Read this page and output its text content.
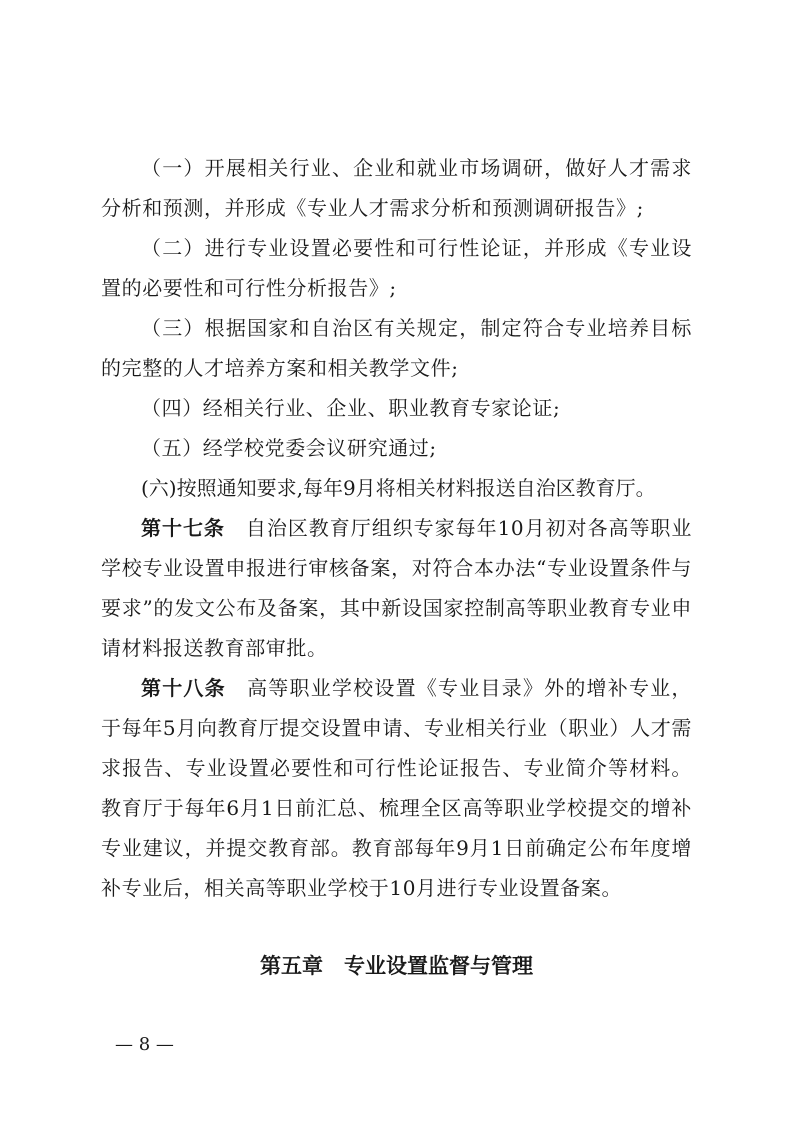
（一）开展相关行业、企业和就业市场调研，做好人才需求分析和预测，并形成《专业人才需求分析和预测调研报告》;

（二）进行专业设置必要性和可行性论证，并形成《专业设置的必要性和可行性分析报告》;

（三）根据国家和自治区有关规定，制定符合专业培养目标的完整的人才培养方案和相关教学文件;

（四）经相关行业、企业、职业教育专家论证;

（五）经学校党委会议研究通过;

(六)按照通知要求,每年9月将相关材料报送自治区教育厅。

第十七条　 自治区教育厅组织专家每年10月初对各高等职业学校专业设置申报进行审核备案，对符合本办法“专业设置条件与要求”的发文公布及备案，其中新设国家控制高等职业教育专业申请材料报送教育部审批。

第十八条　 高等职业学校设置《专业目录》外的增补专业，于每年5月向教育厅提交设置申请、专业相关行业（职业）人才需求报告、专业设置必要性和可行性论证报告、专业简介等材料。教育厅于每年6月1日前汇总、梳理全区高等职业学校提交的增补专业建议，并提交教育部。教育部每年9月1日前确定公布年度增补专业后，相关高等职业学校于10月进行专业设置备案。

第五章　专业设置监督与管理
— 8 —
